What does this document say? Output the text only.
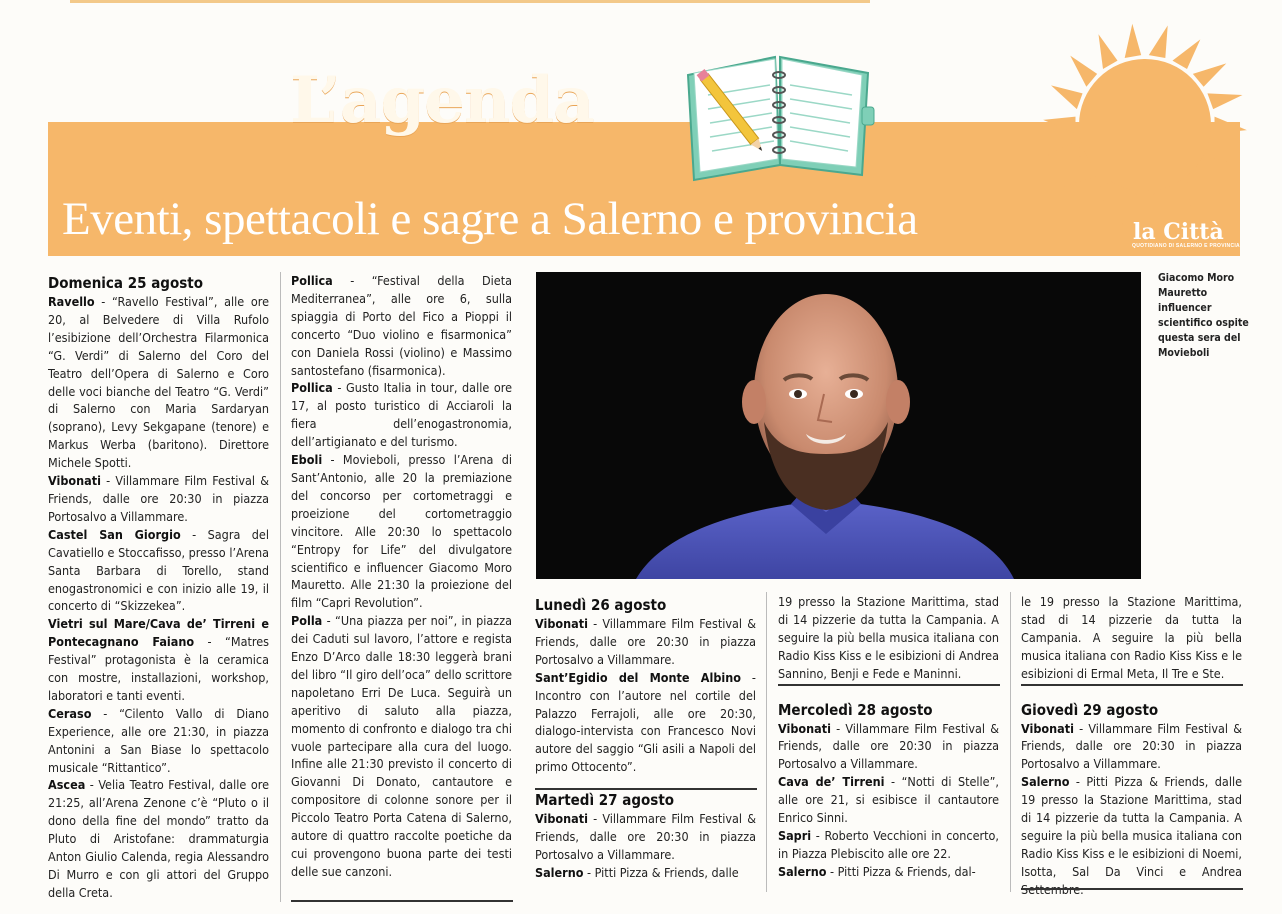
L’agenda
Eventi, spettacoli e sagre a Salerno e provincia	la Città
QUOTIDIANO DI SALERNO E PROVINCIA

Domenica 25 agosto

Ravello - “Ravello Festival”, alle ore 20, al Belvedere di Villa Rufolo l’esibizione dell’Orchestra Filarmonica “G. Verdi” di Salerno del Coro del Teatro dell’Opera di Salerno e Coro delle voci bianche del Teatro “G. Verdi” di Salerno con Maria Sardaryan (soprano), Levy Sekgapane (tenore) e Markus Werba (baritono). Direttore Michele Spotti.

Vibonati - Villammare Film Festival & Friends, dalle ore 20:30 in piazza Portosalvo a Villammare.

Castel San Giorgio - Sagra del Cavatiello e Stoccafisso, presso l’Arena Santa Barbara di Torello, stand enogastronomici e con inizio alle 19, il concerto di “Skizzekea”.

Vietri sul Mare/Cava de’ Tirreni e Pontecagnano Faiano - “Matres Festival” protagonista è la ceramica con mostre, installazioni, workshop, laboratori e tanti eventi.

Ceraso - “Cilento Vallo di Diano Experience, alle ore 21:30, in piazza Antonini a San Biase lo spettacolo musicale “Rittantico”.

Ascea - Velia Teatro Festival, dalle ore 21:25, all’Arena Zenone c’è “Pluto o il dono della fine del mondo” tratto da Pluto di Aristofane: drammaturgia Anton Giulio Calenda, regia Alessandro Di Murro e con gli attori del Gruppo della Creta.

Pollica - “Festival della Dieta Mediterranea”, alle ore 6, sulla spiaggia di Porto del Fico a Pioppi il concerto “Duo violino e fisarmonica” con Daniela Rossi (violino) e Massimo santostefano (fisarmonica).

Pollica - Gusto Italia in tour, dalle ore 17, al posto turistico di Acciaroli la fiera dell’enogastronomia, dell’artigianato e del turismo.

Eboli - Movieboli, presso l’Arena di Sant’Antonio, alle 20 la premiazione del concorso per cortometraggi e proeizione del cortometraggio vincitore. Alle 20:30 lo spettacolo “Entropy for Life” del divulgatore scientifico e influencer Giacomo Moro Mauretto. Alle 21:30 la proiezione del film “Capri Revolution”.

Polla - “Una piazza per noi”, in piazza dei Caduti sul lavoro, l’attore e regista Enzo D’Arco dalle 18:30 leggerà brani del libro “Il giro dell’oca” dello scrittore napoletano Erri De Luca. Seguirà un aperitivo di saluto alla piazza, momento di confronto e dialogo tra chi vuole partecipare alla cura del luogo. Infine alle 21:30 previsto il concerto di Giovanni Di Donato, cantautore e compositore di colonne sonore per il Piccolo Teatro Porta Catena di Salerno, autore di quattro raccolte poetiche da cui provengono buona parte dei testi delle sue canzoni.

Giacomo Moro Mauretto influencer scientifico ospite questa sera del Movieboli

Lunedì 26 agosto

Vibonati - Villammare Film Festival & Friends, dalle ore 20:30 in piazza Portosalvo a Villammare.

Sant’Egidio del Monte Albino - Incontro con l’autore nel cortile del Palazzo Ferrajoli, alle ore 20:30, dialogo-intervista con Francesco Novi autore del saggio “Gli asili a Napoli del primo Ottocento”.

Martedì 27 agosto

Vibonati - Villammare Film Festival & Friends, dalle ore 20:30 in piazza Portosalvo a Villammare.

Salerno - Pitti Pizza & Friends, dalle

19 presso la Stazione Marittima, stad di 14 pizzerie da tutta la Campania. A seguire la più bella musica italiana con Radio Kiss Kiss e le esibizioni di Andrea Sannino, Benji e Fede e Maninni.

Mercoledì 28 agosto

Vibonati - Villammare Film Festival & Friends, dalle ore 20:30 in piazza Portosalvo a Villammare.

Cava de’ Tirreni - “Notti di Stelle”, alle ore 21, si esibisce il cantautore Enrico Sinni.

Sapri - Roberto Vecchioni in concerto, in Piazza Plebiscito alle ore 22.

Salerno - Pitti Pizza & Friends, dal-

le 19 presso la Stazione Marittima, stad di 14 pizzerie da tutta la Campania. A seguire la più bella musica italiana con Radio Kiss Kiss e le esibizioni di Ermal Meta, Il Tre e Ste.

Giovedì 29 agosto

Vibonati - Villammare Film Festival & Friends, dalle ore 20:30 in piazza Portosalvo a Villammare.

Salerno - Pitti Pizza & Friends, dalle 19 presso la Stazione Marittima, stad di 14 pizzerie da tutta la Campania. A seguire la più bella musica italiana con Radio Kiss Kiss e le esibizioni di Noemi, Isotta, Sal Da Vinci e Andrea
